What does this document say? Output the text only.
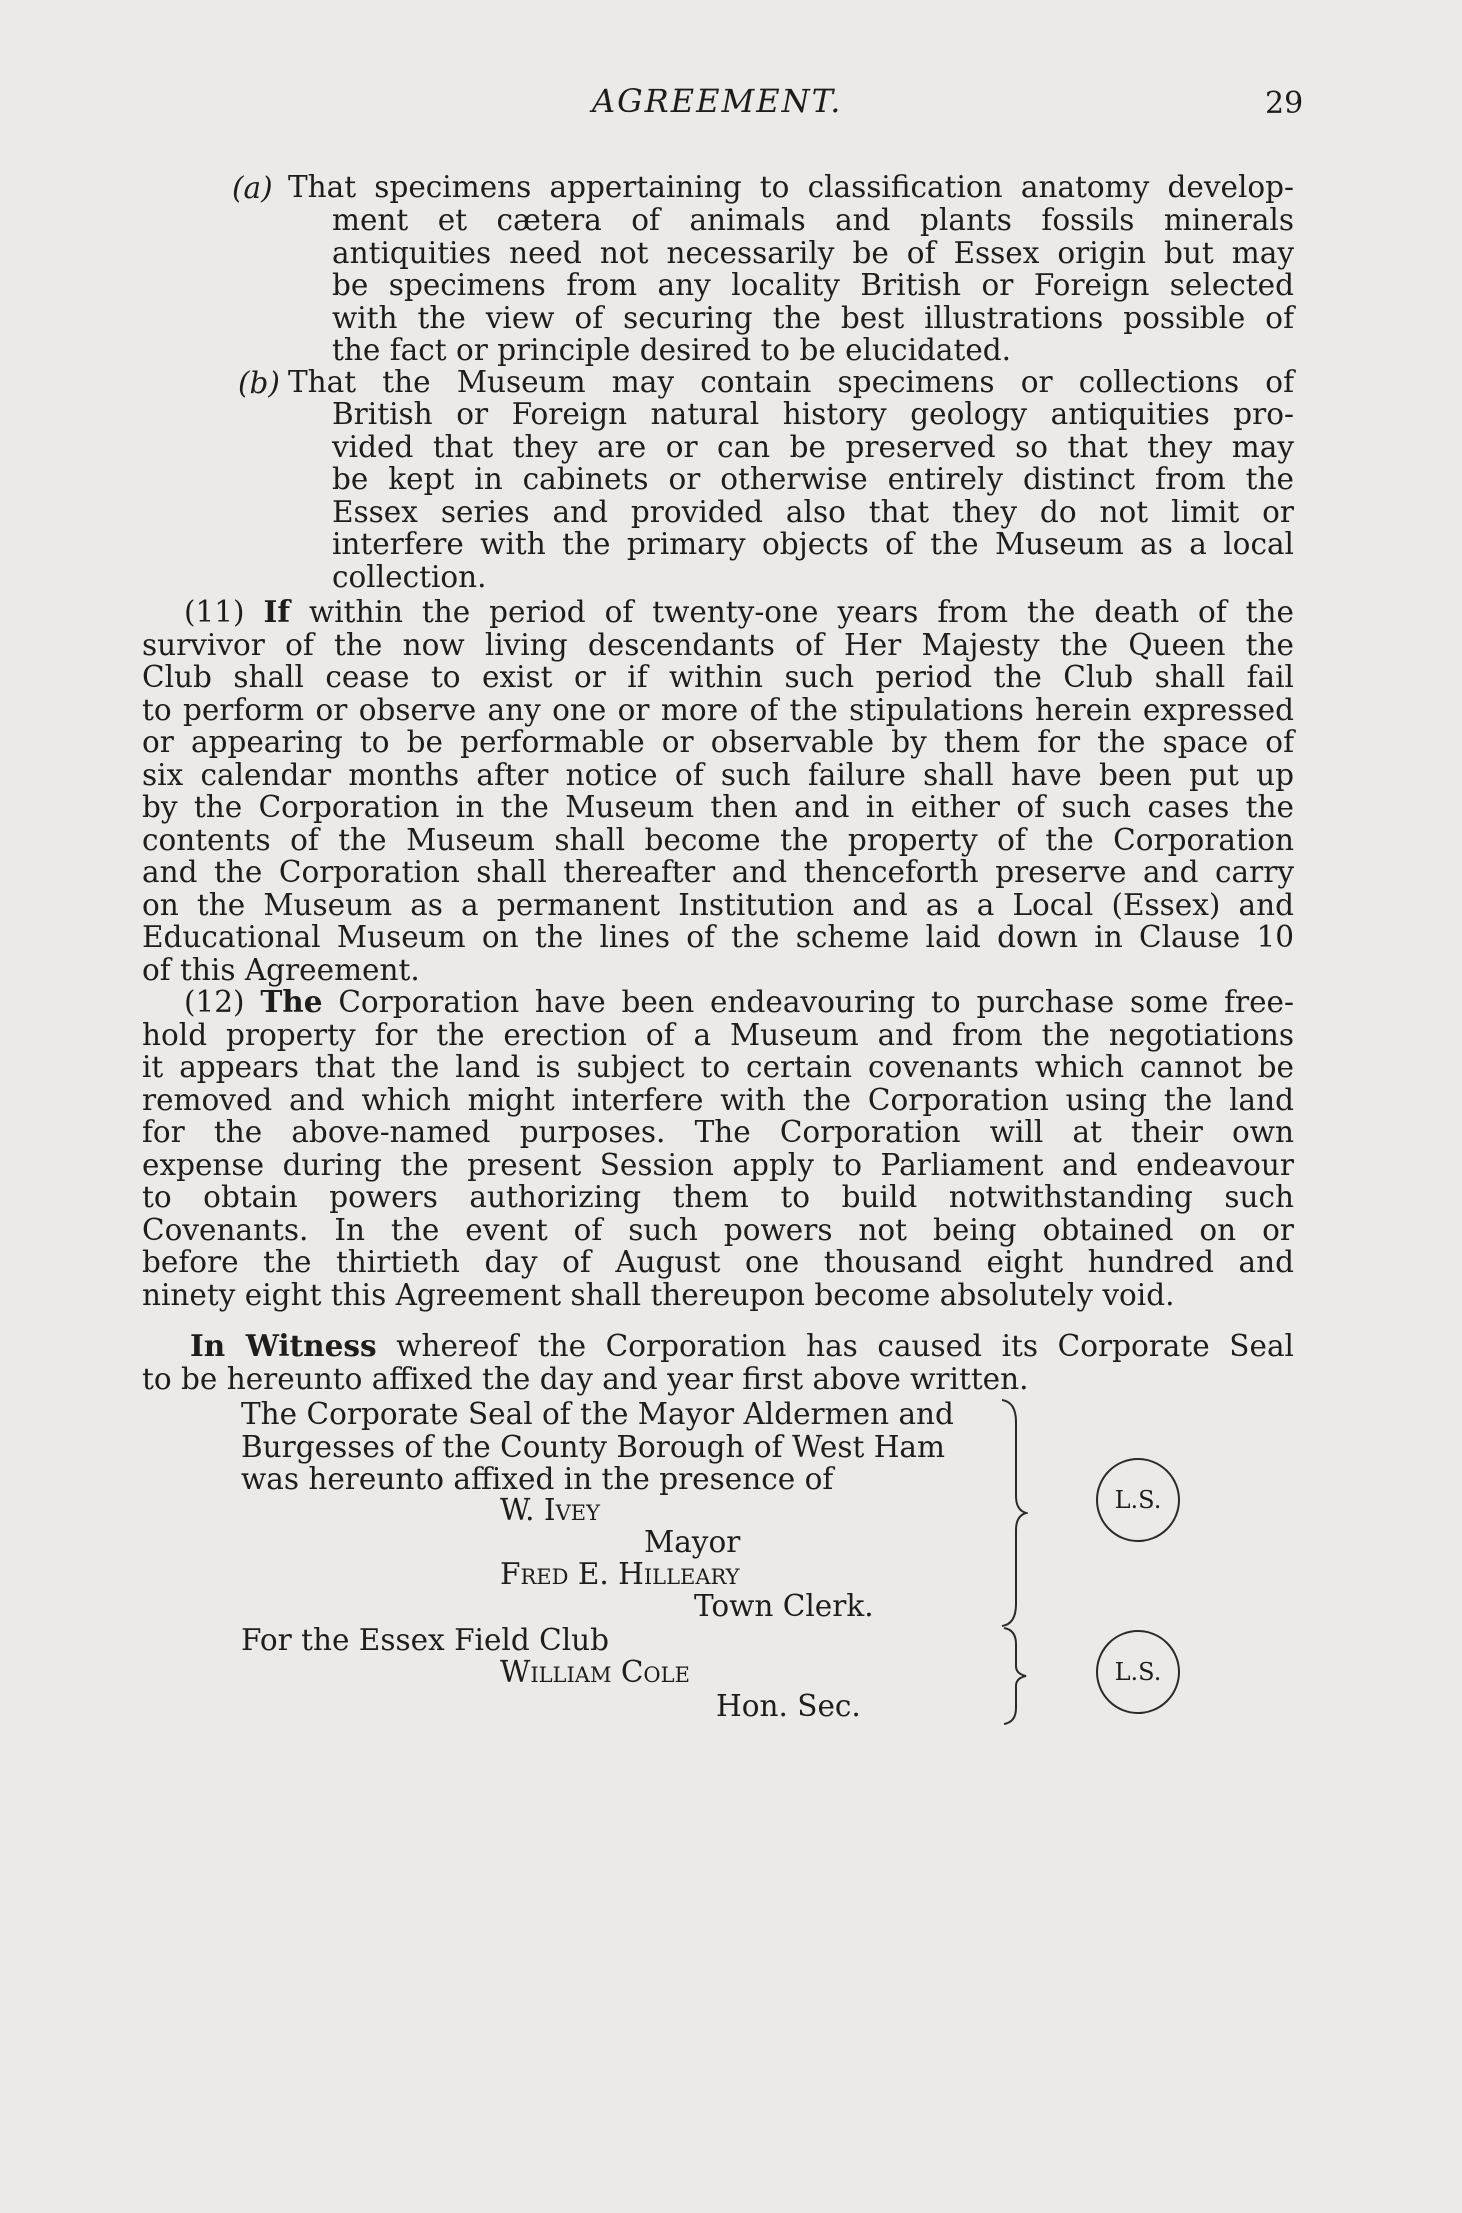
AGREEMENT.	29
(a) That specimens appertaining to classification anatomy develop-
ment et cætera of animals and plants fossils minerals
antiquities need not necessarily be of Essex origin but may
be specimens from any locality British or Foreign selected
with the view of securing the best illustrations possible of
the fact or principle desired to be elucidated.
(b) That the Museum may contain specimens or collections of
British or Foreign natural history geology antiquities pro-
vided that they are or can be preserved so that they may
be kept in cabinets or otherwise entirely distinct from the
Essex series and provided also that they do not limit or
interfere with the primary objects of the Museum as a local
collection.
(11) If within the period of twenty-one years from the death of the
survivor of the now living descendants of Her Majesty the Queen the
Club shall cease to exist or if within such period the Club shall fail
to perform or observe any one or more of the stipulations herein expressed
or appearing to be performable or observable by them for the space of
six calendar months after notice of such failure shall have been put up
by the Corporation in the Museum then and in either of such cases the
contents of the Museum shall become the property of the Corporation
and the Corporation shall thereafter and thenceforth preserve and carry
on the Museum as a permanent Institution and as a Local (Essex) and
Educational Museum on the lines of the scheme laid down in Clause 10
of this Agreement.
(12) The Corporation have been endeavouring to purchase some free-
hold property for the erection of a Museum and from the negotiations
it appears that the land is subject to certain covenants which cannot be
removed and which might interfere with the Corporation using the land
for the above-named purposes. The Corporation will at their own
expense during the present Session apply to Parliament and endeavour
to obtain powers authorizing them to build notwithstanding such
Covenants. In the event of such powers not being obtained on or
before the thirtieth day of August one thousand eight hundred and
ninety eight this Agreement shall thereupon become absolutely void.
In Witness whereof the Corporation has caused its Corporate Seal
to be hereunto affixed the day and year first above written.
The Corporate Seal of the Mayor Aldermen and
Burgesses of the County Borough of West Ham
was hereunto affixed in the presence of
W. Ivey
Mayor
Fred E. Hilleary
Town Clerk.
L.S.
For the Essex Field Club
William Cole
Hon. Sec.
L.S.
